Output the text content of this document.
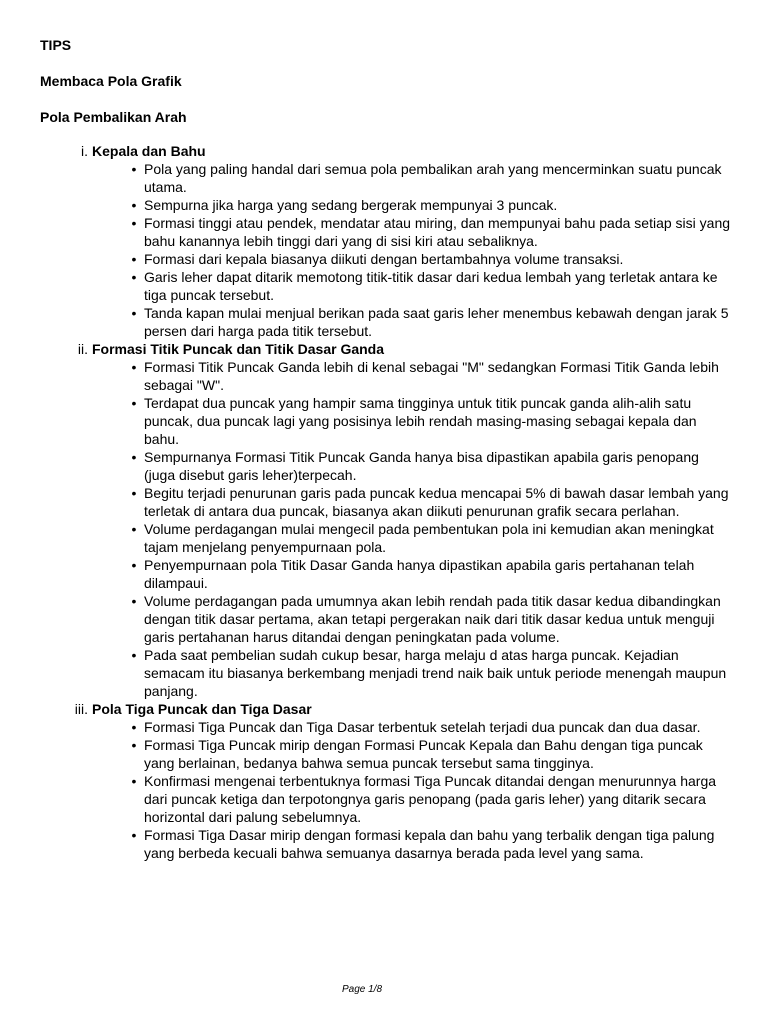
TIPS
Membaca Pola Grafik
Pola Pembalikan Arah
i. Kepala dan Bahu
• Pola yang paling handal dari semua pola pembalikan arah yang mencerminkan suatu puncak utama.
• Sempurna jika harga yang sedang bergerak mempunyai 3 puncak.
• Formasi tinggi atau pendek, mendatar atau miring, dan mempunyai bahu pada setiap sisi yang bahu kanannya lebih tinggi dari yang di sisi kiri atau sebaliknya.
• Formasi dari kepala biasanya diikuti dengan bertambahnya volume transaksi.
• Garis leher dapat ditarik memotong titik-titik dasar dari kedua lembah yang terletak antara ke tiga puncak tersebut.
• Tanda kapan mulai menjual berikan pada saat garis leher menembus kebawah dengan jarak 5 persen dari harga pada titik tersebut.
ii. Formasi Titik Puncak dan Titik Dasar Ganda
• Formasi Titik Puncak Ganda lebih di kenal sebagai "M" sedangkan Formasi Titik Ganda lebih sebagai "W".
• Terdapat dua puncak yang hampir sama tingginya untuk titik puncak ganda alih-alih satu puncak, dua puncak lagi yang posisinya lebih rendah masing-masing sebagai kepala dan bahu.
• Sempurnanya Formasi Titik Puncak Ganda hanya bisa dipastikan apabila garis penopang (juga disebut garis leher)terpecah.
• Begitu terjadi penurunan garis pada puncak kedua mencapai 5% di bawah dasar lembah yang terletak di antara dua puncak, biasanya akan diikuti penurunan grafik secara perlahan.
• Volume perdagangan mulai mengecil pada pembentukan pola ini kemudian akan meningkat tajam menjelang penyempurnaan pola.
• Penyempurnaan pola Titik Dasar Ganda hanya dipastikan apabila garis pertahanan telah dilampaui.
• Volume perdagangan pada umumnya akan lebih rendah pada titik dasar kedua dibandingkan dengan titik dasar pertama, akan tetapi pergerakan naik dari titik dasar kedua untuk menguji garis pertahanan harus ditandai dengan peningkatan pada volume.
• Pada saat pembelian sudah cukup besar, harga melaju d atas harga puncak. Kejadian semacam itu biasanya berkembang menjadi trend naik baik untuk periode menengah maupun panjang.
iii. Pola Tiga Puncak dan Tiga Dasar
• Formasi Tiga Puncak dan Tiga Dasar terbentuk setelah terjadi dua puncak dan dua dasar.
• Formasi Tiga Puncak mirip dengan Formasi Puncak Kepala dan Bahu dengan tiga puncak yang berlainan, bedanya bahwa semua puncak tersebut sama tingginya.
• Konfirmasi mengenai terbentuknya formasi Tiga Puncak ditandai dengan menurunnya harga dari puncak ketiga dan terpotongnya garis penopang (pada garis leher) yang ditarik secara horizontal dari palung sebelumnya.
• Formasi Tiga Dasar mirip dengan formasi kepala dan bahu yang terbalik dengan tiga palung yang berbeda kecuali bahwa semuanya dasarnya berada pada level yang sama.
Page 1/8
